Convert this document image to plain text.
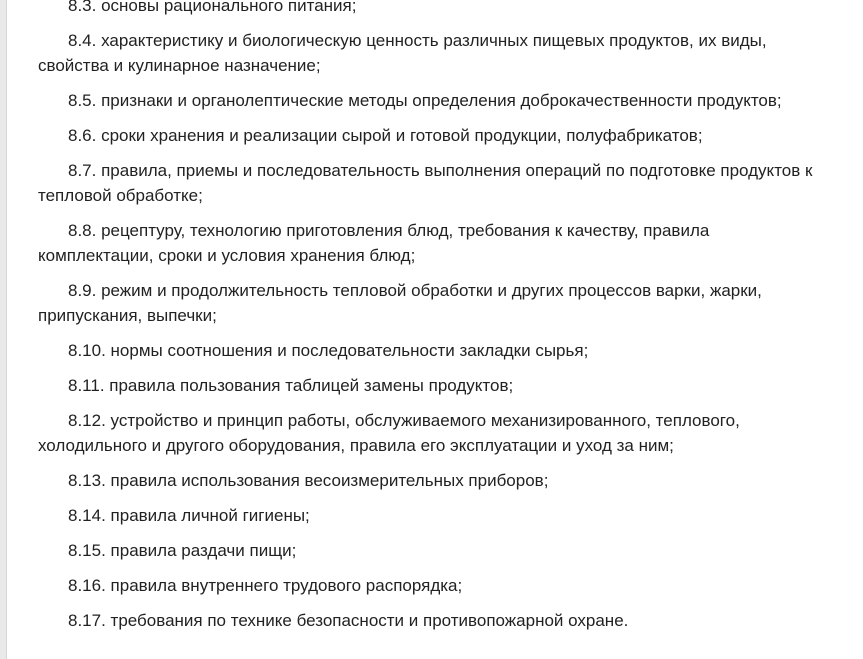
8.3. основы рационального питания;

8.4. характеристику и биологическую ценность различных пищевых продуктов, их виды, свойства и кулинарное назначение;

8.5. признаки и органолептические методы определения доброкачественности продуктов;

8.6. сроки хранения и реализации сырой и готовой продукции, полуфабрикатов;

8.7. правила, приемы и последовательность выполнения операций по подготовке продуктов к тепловой обработке;

8.8. рецептуру, технологию приготовления блюд, требования к качеству, правила комплектации, сроки и условия хранения блюд;

8.9. режим и продолжительность тепловой обработки и других процессов варки, жарки, припускания, выпечки;

8.10. нормы соотношения и последовательности закладки сырья;

8.11. правила пользования таблицей замены продуктов;

8.12. устройство и принцип работы, обслуживаемого механизированного, теплового, холодильного и другого оборудования, правила его эксплуатации и уход за ним;

8.13. правила использования весоизмерительных приборов;

8.14. правила личной гигиены;

8.15. правила раздачи пищи;

8.16. правила внутреннего трудового распорядка;

8.17. требования по технике безопасности и противопожарной охране.
